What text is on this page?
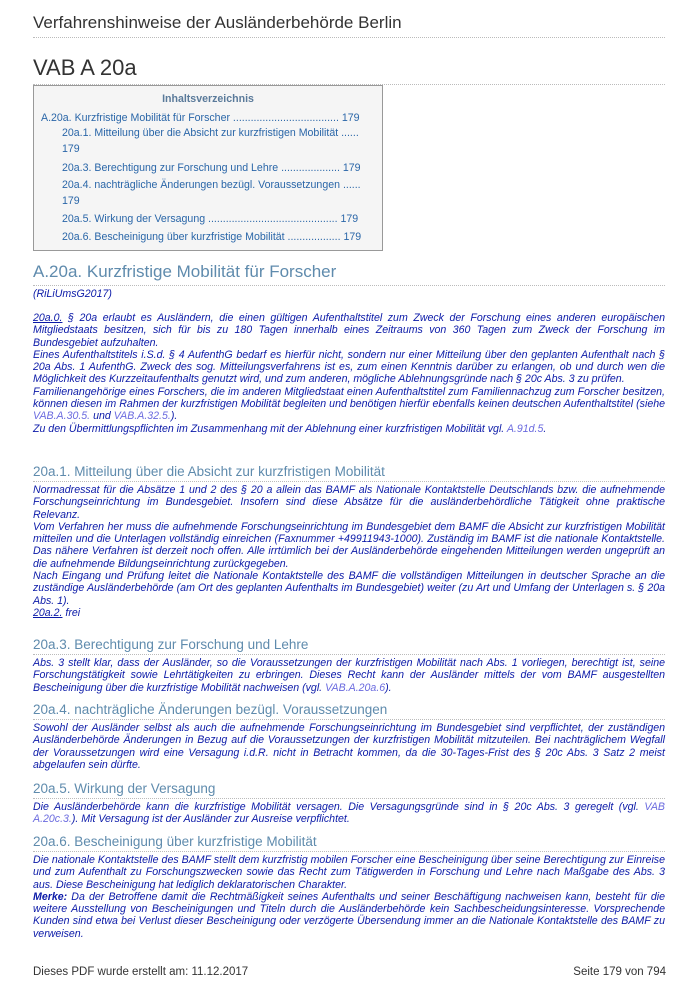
Verfahrenshinweise der Ausländerbehörde Berlin
VAB A 20a
Inhaltsverzeichnis
A.20a. Kurzfristige Mobilität für Forscher .................................... 179
20a.1. Mitteilung über die Absicht zur kurzfristigen Mobilität ......
179
20a.3. Berechtigung zur Forschung und Lehre .................... 179
20a.4. nachträgliche Änderungen bezügl. Voraussetzungen ......
179
20a.5. Wirkung der Versagung ............................................ 179
20a.6. Bescheinigung über kurzfristige Mobilität .................. 179
A.20a. Kurzfristige Mobilität für Forscher

(RiLiUmsG2017)

20a.0. § 20a erlaubt es Ausländern, die einen gültigen Aufenthaltstitel zum Zweck der Forschung eines anderen europäischen Mitgliedstaats besitzen, sich für bis zu 180 Tagen innerhalb eines Zeitraums von 360 Tagen zum Zweck der Forschung im Bundesgebiet aufzuhalten.

Eines Aufenthaltstitels i.S.d. § 4 AufenthG bedarf es hierfür nicht, sondern nur einer Mitteilung über den geplanten Aufenthalt nach § 20a Abs. 1 AufenthG. Zweck des sog. Mitteilungsverfahrens ist es, zum einen Kenntnis darüber zu erlangen, ob und durch wen die Möglichkeit des Kurzzeitaufenthalts genutzt wird, und zum anderen, mögliche Ablehnungsgründe nach § 20c Abs. 3 zu prüfen.

Familienangehörige eines Forschers, die im anderen Mitgliedstaat einen Aufenthaltstitel zum Familiennachzug zum Forscher besitzen, können diesen im Rahmen der kurzfristigen Mobilität begleiten und benötigen hierfür ebenfalls keinen deutschen Aufenthaltstitel (siehe VAB.A.30.5. und VAB.A.32.5.).

Zu den Übermittlungspflichten im Zusammenhang mit der Ablehnung einer kurzfristigen Mobilität vgl. A.91d.5.

20a.1. Mitteilung über die Absicht zur kurzfristigen Mobilität

Normadressat für die Absätze 1 und 2 des § 20 a allein das BAMF als Nationale Kontaktstelle Deutschlands bzw. die aufnehmende Forschungseinrichtung im Bundesgebiet. Insofern sind diese Absätze für die ausländerbehördliche Tätigkeit ohne praktische Relevanz.

Vom Verfahren her muss die aufnehmende Forschungseinrichtung im Bundesgebiet dem BAMF die Absicht zur kurzfristigen Mobilität mitteilen und die Unterlagen vollständig einreichen (Faxnummer +49911943-1000). Zuständig im BAMF ist die nationale Kontaktstelle. Das nähere Verfahren ist derzeit noch offen. Alle irrtümlich bei der Ausländerbehörde eingehenden Mitteilungen werden ungeprüft an die aufnehmende Bildungseinrichtung zurückgegeben.

Nach Eingang und Prüfung leitet die Nationale Kontaktstelle des BAMF die vollständigen Mitteilungen in deutscher Sprache an die zuständige Ausländerbehörde (am Ort des geplanten Aufenthalts im Bundesgebiet) weiter (zu Art und Umfang der Unterlagen s. § 20a Abs. 1).

20a.2. frei

20a.3. Berechtigung zur Forschung und Lehre

Abs. 3 stellt klar, dass der Ausländer, so die Voraussetzungen der kurzfristigen Mobilität nach Abs. 1 vorliegen, berechtigt ist, seine Forschungstätigkeit sowie Lehrtätigkeiten zu erbringen. Dieses Recht kann der Ausländer mittels der vom BAMF ausgestellten Bescheinigung über die kurzfristige Mobilität nachweisen (vgl. VAB.A.20a.6).

20a.4. nachträgliche Änderungen bezügl. Voraussetzungen

Sowohl der Ausländer selbst als auch die aufnehmende Forschungseinrichtung im Bundesgebiet sind verpflichtet, der zuständigen Ausländerbehörde Änderungen in Bezug auf die Voraussetzungen der kurzfristigen Mobilität mitzuteilen. Bei nachträglichem Wegfall der Voraussetzungen wird eine Versagung i.d.R. nicht in Betracht kommen, da die 30-Tages-Frist des § 20c Abs. 3 Satz 2 meist abgelaufen sein dürfte.

20a.5. Wirkung der Versagung

Die Ausländerbehörde kann die kurzfristige Mobilität versagen. Die Versagungsgründe sind in § 20c Abs. 3 geregelt (vgl. VAB A.20c.3.). Mit Versagung ist der Ausländer zur Ausreise verpflichtet.

20a.6. Bescheinigung über kurzfristige Mobilität

Die nationale Kontaktstelle des BAMF stellt dem kurzfristig mobilen Forscher eine Bescheinigung über seine Berechtigung zur Einreise und zum Aufenthalt zu Forschungszwecken sowie das Recht zum Tätigwerden in Forschung und Lehre nach Maßgabe des Abs. 3 aus. Diese Bescheinigung hat lediglich deklaratorischen Charakter.

Merke: Da der Betroffene damit die Rechtmäßigkeit seines Aufenthalts und seiner Beschäftigung nachweisen kann, besteht für die weitere Ausstellung von Bescheinigungen und Titeln durch die Ausländerbehörde kein Sachbescheidungsinteresse. Vorsprechende Kunden sind etwa bei Verlust dieser Bescheinigung oder verzögerte Übersendung immer an die Nationale Kontaktstelle des BAMF zu verweisen.

Dieses PDF wurde erstellt am: 11.12.2017	Seite 179 von 794
